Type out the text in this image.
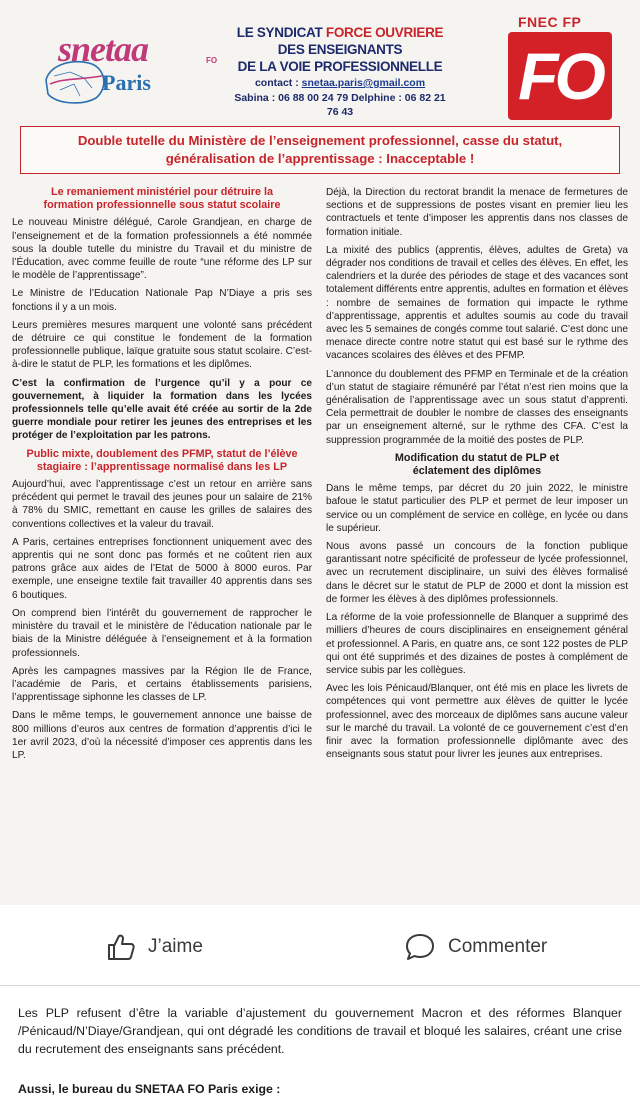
snetaa	FO
Paris
LE SYNDICAT FORCE OUVRIERE
DES ENSEIGNANTS
DE LA VOIE PROFESSIONNELLE
contact : snetaa.paris@gmail.com
Sabina : 06 88 00 24 79 Delphine : 06 82 21 76 43
FNEC FP
FO
Double tutelle du Ministère de l’enseignement professionnel, casse du statut,
généralisation de l’apprentissage : Inacceptable !
Le remaniement ministériel pour détruire la
formation professionnelle sous statut scolaire

Le nouveau Ministre délégué, Carole Grandjean, en charge de l’enseignement et de la formation professionnels a été nommée sous la double tutelle du ministre du Travail et du ministre de l’Éducation, avec comme feuille de route “une réforme des LP sur le modèle de l’apprentissage”.

Le Ministre de l’Education Nationale Pap N’Diaye a pris ses fonctions il y a un mois.

Leurs premières mesures marquent une volonté sans précédent de détruire ce qui constitue le fondement de la formation professionnelle publique, laïque gratuite sous statut scolaire. C’est-à-dire le statut de PLP, les formations et les diplômes.

C’est la confirmation de l’urgence qu’il y a pour ce gouvernement, à liquider la formation dans les lycées professionnels telle qu’elle avait été créée au sortir de la 2de guerre mondiale pour retirer les jeunes des entreprises et les protéger de l’exploitation par les patrons.

Public mixte, doublement des PFMP, statut de l’élève
stagiaire : l’apprentissage normalisé dans les LP

Aujourd’hui, avec l’apprentissage c’est un retour en arrière sans précédent qui permet le travail des jeunes pour un salaire de 21% à 78% du SMIC, remettant en cause les grilles de salaires des conventions collectives et la valeur du travail.

A Paris, certaines entreprises fonctionnent uniquement avec des apprentis qui ne sont donc pas formés et ne coûtent rien aux patrons grâce aux aides de l’Etat de 5000 à 8000 euros. Par exemple, une enseigne textile fait travailler 40 apprentis dans ses 6 boutiques.

On comprend bien l’intérêt du gouvernement de rapprocher le ministère du travail et le ministère de l’éducation nationale par le biais de la Ministre déléguée à l’enseignement et à la formation professionnels.

Après les campagnes massives par la Région Ile de France, l’académie de Paris, et certains établissements parisiens, l’apprentissage siphonne les classes de LP.

Dans le même temps, le gouvernement annonce une baisse de 800 millions d’euros aux centres de formation d’apprentis d’ici le 1er avril 2023, d’où la nécessité d’imposer ces apprentis dans les LP.

Déjà, la Direction du rectorat brandit la menace de fermetures de sections et de suppressions de postes visant en premier lieu les contractuels et tente d’imposer les apprentis dans nos classes de formation initiale.

La mixité des publics (apprentis, élèves, adultes de Greta) va dégrader nos conditions de travail et celles des élèves. En effet, les calendriers et la durée des périodes de stage et des vacances sont totalement différents entre apprentis, adultes en formation et élèves : nombre de semaines de formation qui impacte le rythme d’apprentissage, apprentis et adultes soumis au code du travail avec les 5 semaines de congés comme tout salarié. C’est donc une menace directe contre notre statut qui est basé sur le rythme des vacances scolaires des élèves et des PFMP.

L’annonce du doublement des PFMP en Terminale et de la création d’un statut de stagiaire rémunéré par l’état n’est rien moins que la généralisation de l’apprentissage avec un sous statut d’apprenti. Cela permettrait de doubler le nombre de classes des enseignants par un enseignement alterné, sur le rythme des CFA. C’est la suppression programmée de la moitié des postes de PLP.

Modification du statut de PLP et
éclatement des diplômes

Dans le même temps, par décret du 20 juin 2022, le ministre bafoue le statut particulier des PLP et permet de leur imposer un service ou un complément de service en collège, en lycée ou dans le supérieur.

Nous avons passé un concours de la fonction publique garantissant notre spécificité de professeur de lycée professionnel, avec un recrutement disciplinaire, un suivi des élèves formalisé dans le décret sur le statut de PLP de 2000 et dont la mission est de former les élèves à des diplômes professionnels.

La réforme de la voie professionnelle de Blanquer a supprimé des milliers d’heures de cours disciplinaires en enseignement général et professionnel. A Paris, en quatre ans, ce sont 122 postes de PLP qui ont été supprimés et des dizaines de postes à complément de service subis par les collègues.

Avec les lois Pénicaud/Blanquer, ont été mis en place les livrets de compétences qui vont permettre aux élèves de quitter le lycée professionnel, avec des morceaux de diplômes sans aucune valeur sur le marché du travail. La volonté de ce gouvernement c’est d’en finir avec la formation professionnelle diplômante avec des enseignants sous statut pour livrer les jeunes aux entreprises.

J’aime	Commenter
Les PLP refusent d’être la variable d’ajustement du gouvernement Macron et des réformes Blanquer /Pénicaud/N’Diaye/Grandjean, qui ont dégradé les conditions de travail et bloqué les salaires, créant une crise du recrutement des enseignants sans précédent.
Aussi, le bureau du SNETAA FO Paris exige :
